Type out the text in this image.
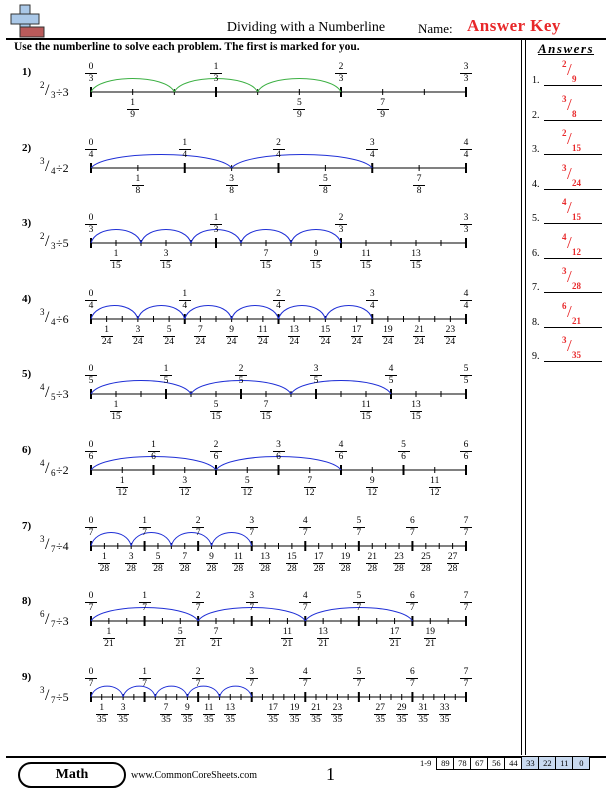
Dividing with a Numberline	Name: Answer Key
Use the numberline to solve each problem. The first is marked for you.	Answers
1.
2 / 9
2.
3 / 8
3.
2 / 15
4.
3 / 24
5.
4 / 15
6.
4 / 12
7.
3 / 28
8.
6 / 21
9.
3 / 35
1)
2 / 3 ÷3
0
3
1
3
2
3
3
3
1
9
5
9
7
9
2)
3 / 4 ÷2
0
4
1
4
2
4
3
4
4
4
1
8
3
8
5
8
7
8
3)
2 / 3 ÷5
0
3
1
3
2
3
3
3
1
15
3
15
7
15
9
15
11
15
13
15
4)
3 / 4 ÷6
0
4
1
4
2
4
3
4
4
4
1
24
3
24
5
24
7
24
9
24
11
24
13
24
15
24
17
24
19
24
21
24
23
24
5)
4 / 5 ÷3
0
5
1
5
2
5
3
5
4
5
5
5
1
15
5
15
7
15
11
15
13
15
6)
4 / 6 ÷2
0
6
1
6
2
6
3
6
4
6
5
6
6
6
1
12
3
12
5
12
7
12
9
12
11
12
7)
3 / 7 ÷4
0
7
1
7
2
7
3
7
4
7
5
7
6
7
7
7
1
28
3
28
5
28
7
28
9
28
11
28
13
28
15
28
17
28
19
28
21
28
23
28
25
28
27
28
8)
6 / 7 ÷3
0
7
1
7
2
7
3
7
4
7
5
7
6
7
7
7
1
21
5
21
7
21
11
21
13
21
17
21
19
21
9)
3 / 7 ÷5
0
7
1
7
2
7
3
7
4
7
5
7
6
7
7
7
1
35
3
35
7
35
9
35
11
35
13
35
17
35
19
35
21
35
23
35
27
35
29
35
31
35
33
35
Math	www.CommonCoreSheets.com	1
1-9 89 78 67 56 44 33 22 11 0
